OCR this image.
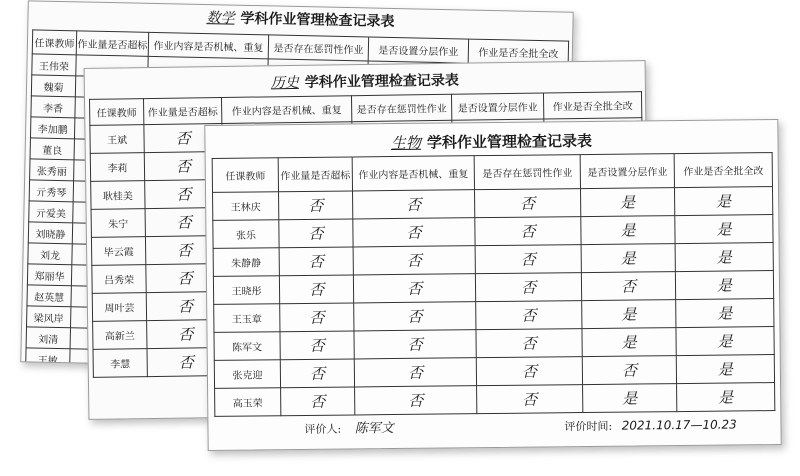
数学 学科作业管理检查记录表
任课教师	作业量是否超标	作业内容是否机械、重复	是否存在惩罚性作业	是否设置分层作业	作业是否全批全改
王伟荣					
魏菊					
李香					
李加鹏					
董良					
张秀丽					
亓秀琴					
亓爱美					
刘晓静					
刘龙					
郑丽华					
赵英慧					
梁风岸					
刘清					
王敏					
历史 学科作业管理检查记录表
任课教师	作业量是否超标	作业内容是否机械、重复	是否存在惩罚性作业	是否设置分层作业	作业是否全批全改
王斌	否				
李莉	否				
耿桂美	否				
朱宁	否				
毕云霞	否				
吕秀荣	否				
周叶芸	否				
高新兰	否				
李慧	否				
生物 学科作业管理检查记录表
任课教师	作业量是否超标	作业内容是否机械、重复	是否存在惩罚性作业	是否设置分层作业	作业是否全批全改
王林庆	否	否	否	是	是
张乐	否	否	否	是	是
朱静静	否	否	否	是	是
王晓彤	否	否	否	否	是
王玉章	否	否	否	是	是
陈军文	否	否	否	是	是
张克迎	否	否	否	否	是
高玉荣	否	否	否	是	是
评价人: 陈军文	评价时间: 2021.10.17—10.23
